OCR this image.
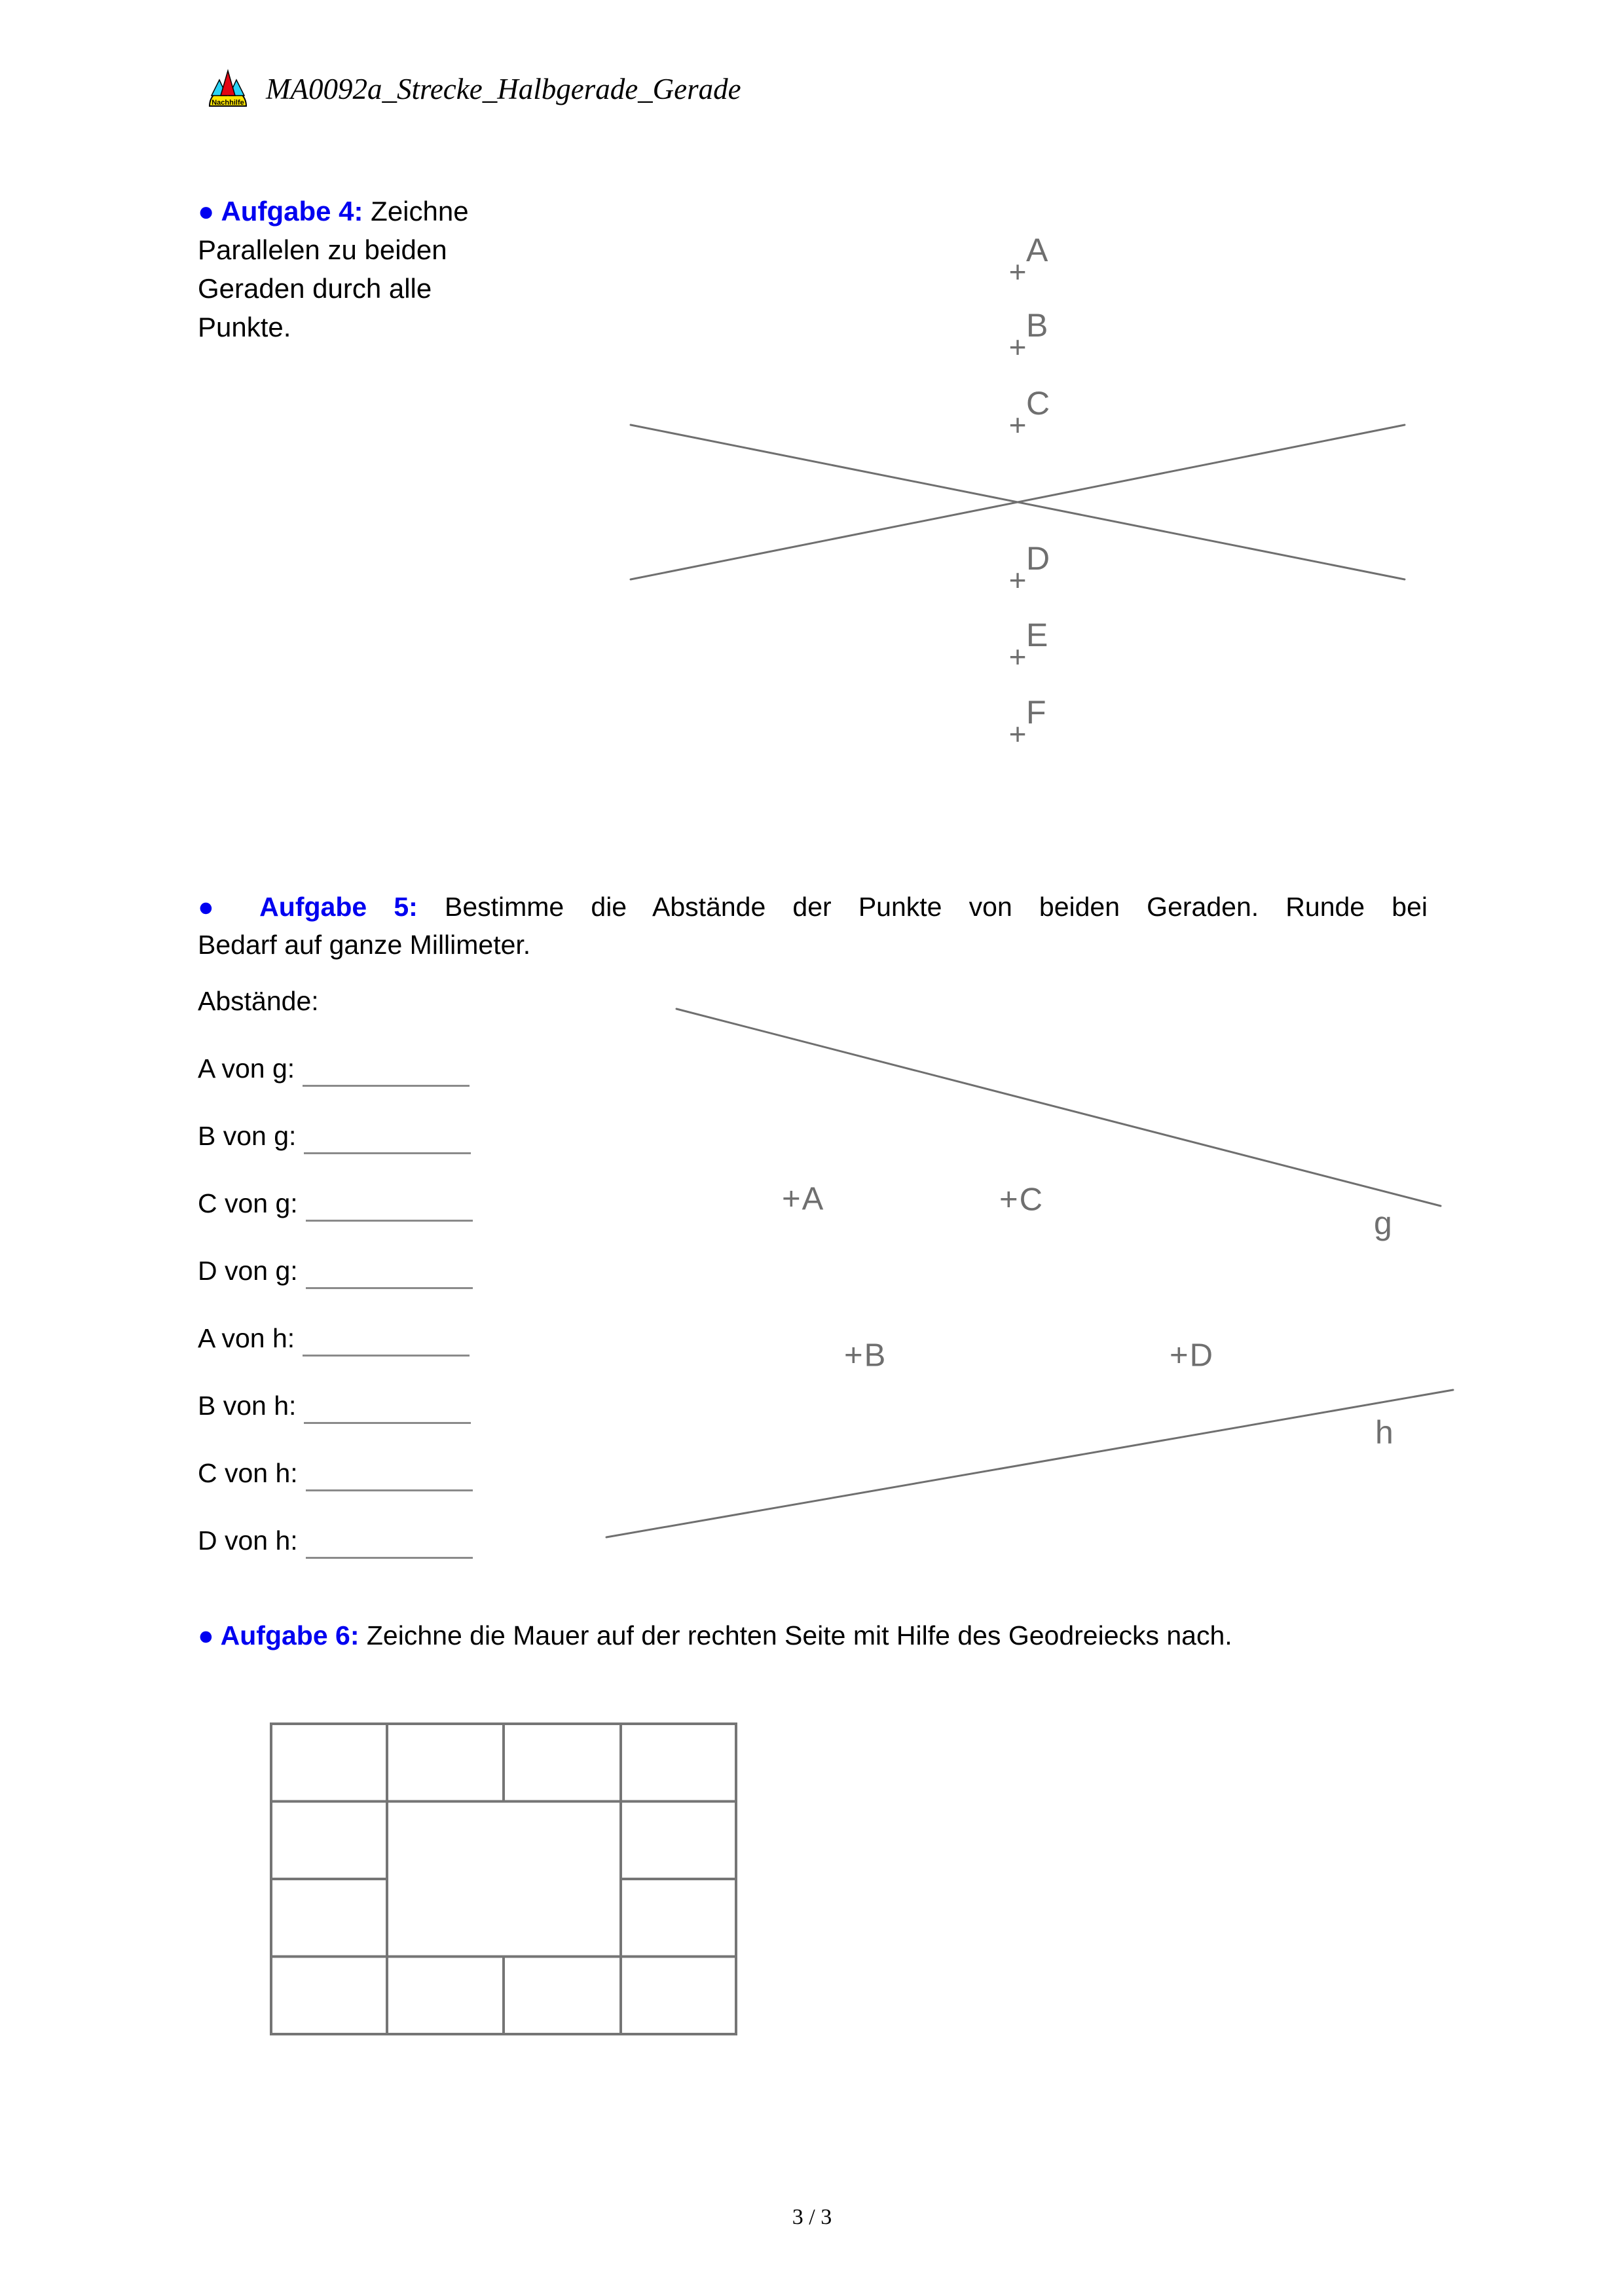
Nachhilfe MA0092a_Strecke_Halbgerade_Gerade
● Aufgabe 4: Zeichne
Parallelen zu beiden
Geraden durch alle
Punkte.
+
A
+
B
+
C
+
D
+
E
+
F
● Aufgabe 5: Bestimme die Abstände der Punkte von beiden Geraden. Runde bei
Bedarf auf ganze Millimeter.
Abstände:
A von g:
B von g:
C von g:
D von g:
A von h:
B von h:
C von h:
D von h:
+A	+C
+B	+D
g
h
● Aufgabe 6: Zeichne die Mauer auf der rechten Seite mit Hilfe des Geodreiecks nach.
3 / 3
